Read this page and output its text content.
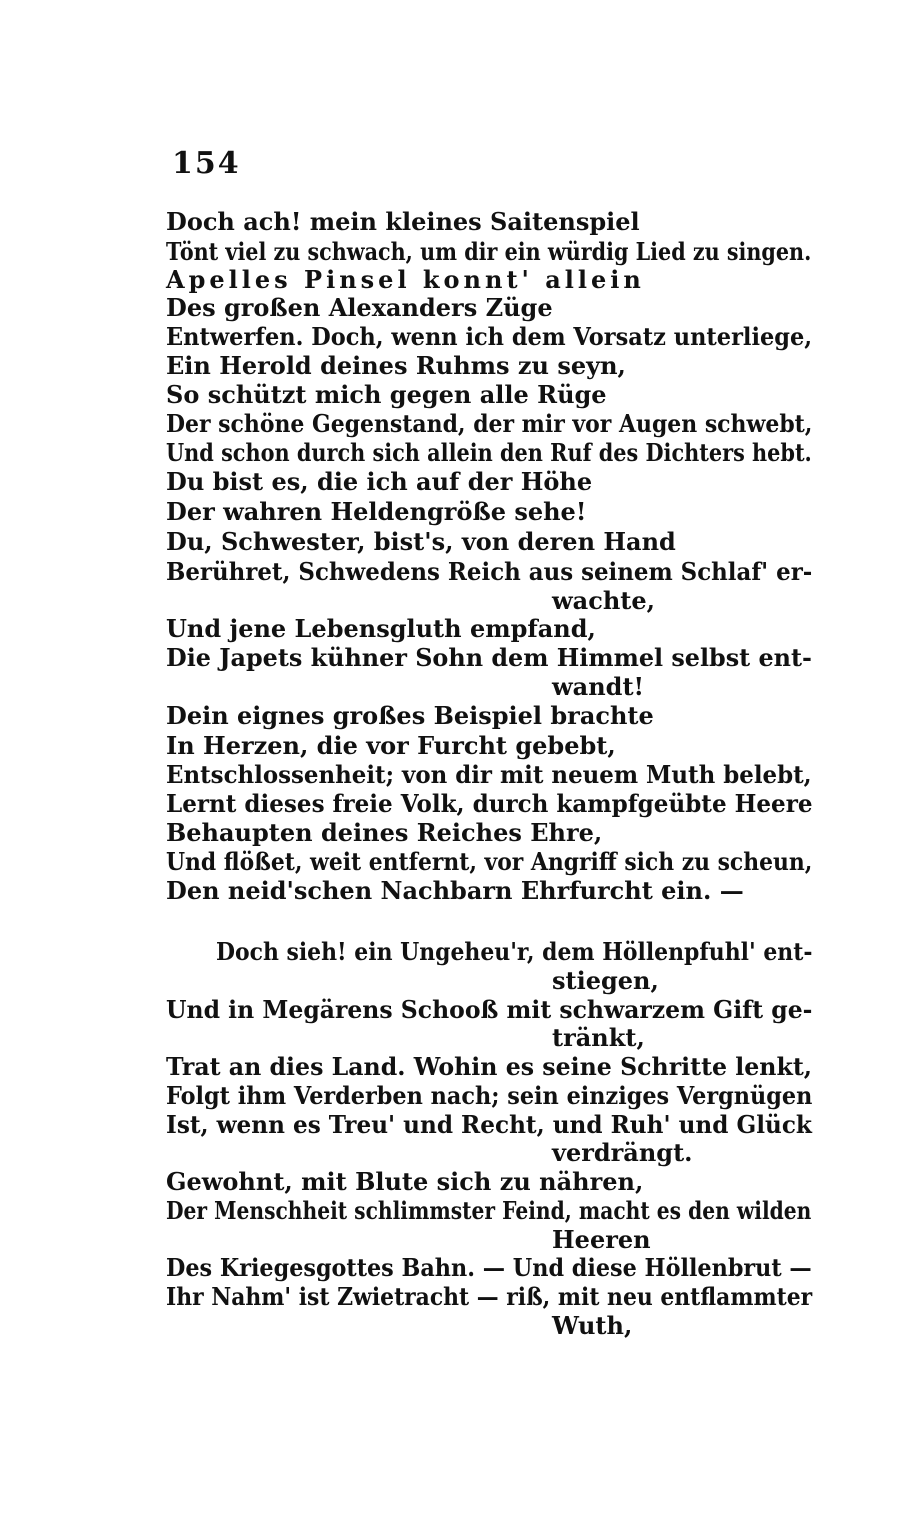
154
Doch ach! mein kleines Saitenspiel
Tönt viel zu schwach, um dir ein würdig Lied zu singen.
Apelles Pinsel konnt' allein
Des großen Alexanders Züge
Entwerfen. Doch, wenn ich dem Vorsatz unterliege,
Ein Herold deines Ruhms zu seyn,
So schützt mich gegen alle Rüge
Der schöne Gegenstand, der mir vor Augen schwebt,
Und schon durch sich allein den Ruf des Dichters hebt.
Du bist es, die ich auf der Höhe
Der wahren Heldengröße sehe!
Du, Schwester, bist's, von deren Hand
Berühret, Schwedens Reich aus seinem Schlaf' er-
wachte,
Und jene Lebensgluth empfand,
Die Japets kühner Sohn dem Himmel selbst ent-
wandt!
Dein eignes großes Beispiel brachte
In Herzen, die vor Furcht gebebt,
Entschlossenheit; von dir mit neuem Muth belebt,
Lernt dieses freie Volk, durch kampfgeübte Heere
Behaupten deines Reiches Ehre,
Und flößet, weit entfernt, vor Angriff sich zu scheun,
Den neid'schen Nachbarn Ehrfurcht ein. —
Doch sieh! ein Ungeheu'r, dem Höllenpfuhl' ent-
stiegen,
Und in Megärens Schooß mit schwarzem Gift ge-
tränkt,
Trat an dies Land. Wohin es seine Schritte lenkt,
Folgt ihm Verderben nach; sein einziges Vergnügen
Ist, wenn es Treu' und Recht, und Ruh' und Glück
verdrängt.
Gewohnt, mit Blute sich zu nähren,
Der Menschheit schlimmster Feind, macht es den wilden
Heeren
Des Kriegesgottes Bahn. — Und diese Höllenbrut —
Ihr Nahm' ist Zwietracht — riß, mit neu entflammter
Wuth,
